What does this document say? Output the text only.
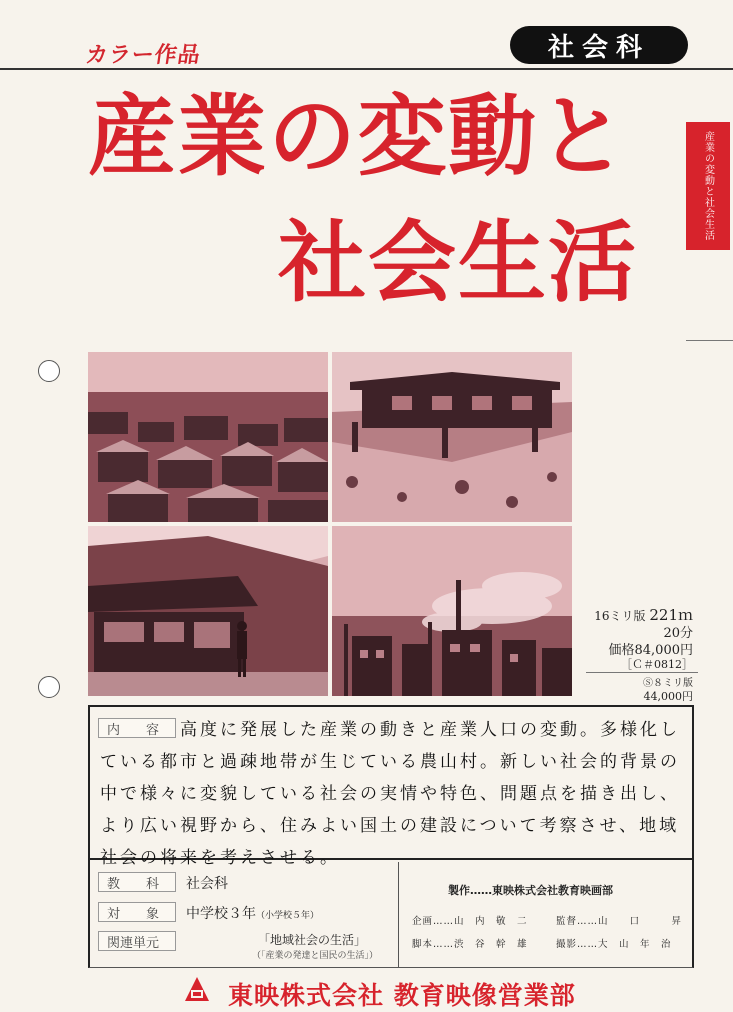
カラー作品	社会科
産業の変動と
社会生活
産業の変動と社会生活
16ミリ版 221ｍ
20分
価格84,000円
［Ｃ＃0812］
Ⓢ８ミリ版
44,000円
内　　容	高度に発展した産業の動きと産業人口の変動。多様化している都市と過疎地帯が生じている農山村。新しい社会的背景の中で様々に変貌している社会の実情や特色、問題点を描き出し、より広い視野から、住みよい国土の建設について考察させ、地域社会の将来を考えさせる。
教　　科	社会科
対　　象	中学校３年（小学校５年）
関連単元	「地域社会の生活」
（「産業の発達と国民の生活」）
製作……東映株式会社教育映画部
企画……山　内　敬　二	監督……山　　口　　　昇
脚本……渋　谷　幹　雄	撮影……大　山　年　治
東映株式会社 教育映像営業部
